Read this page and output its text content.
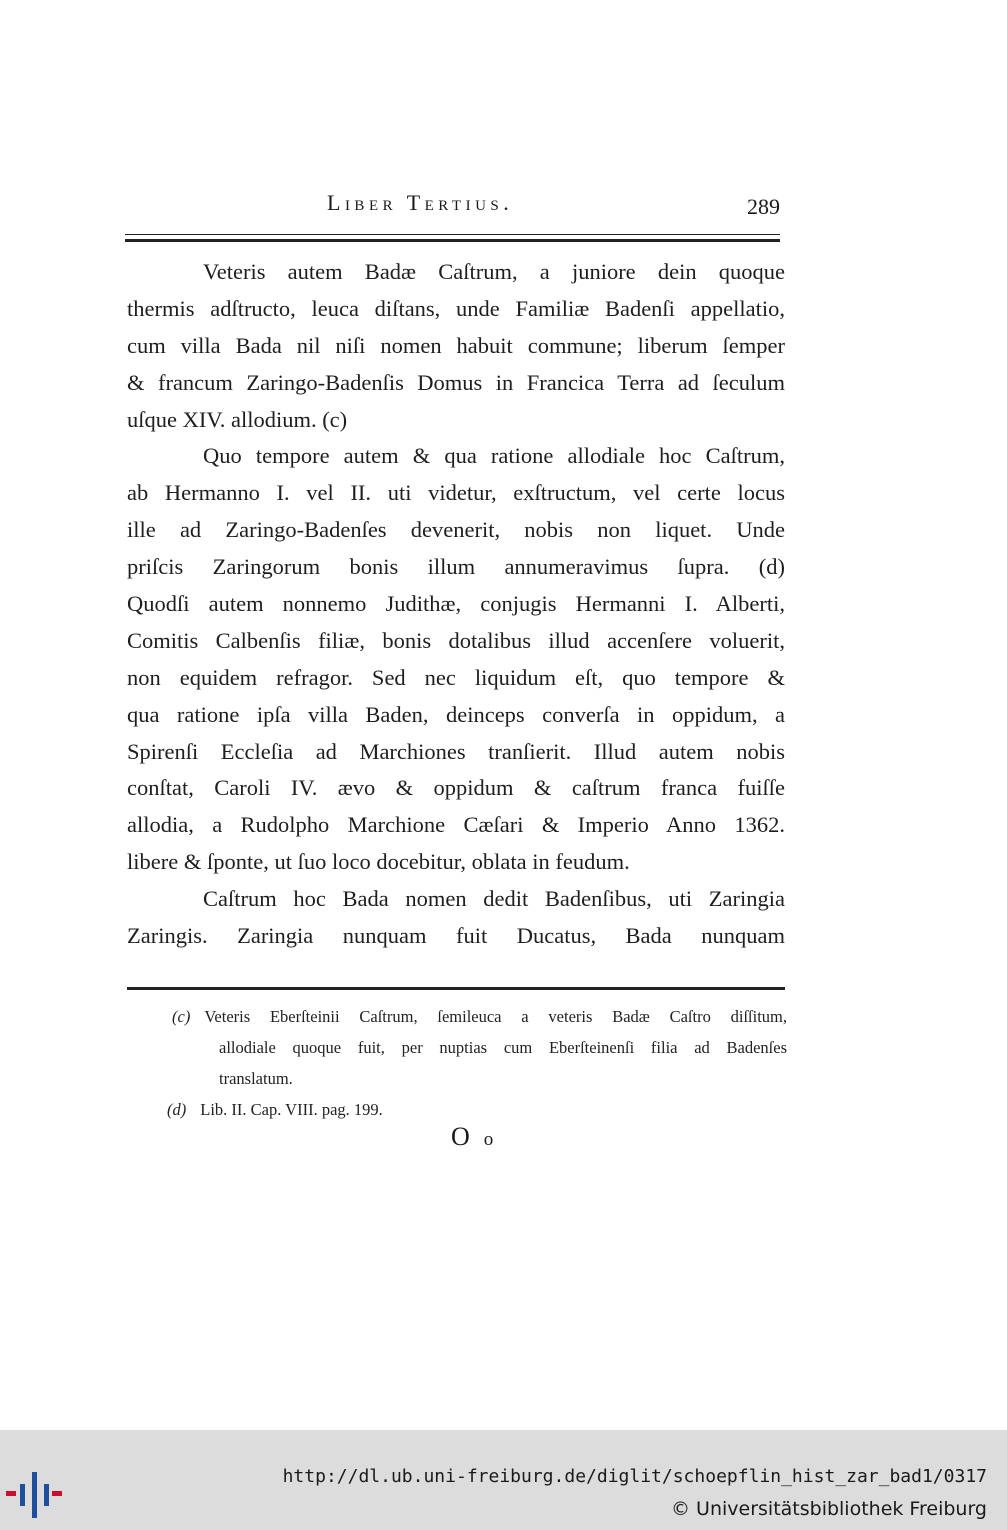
Liber Tertius.	289
Veteris autem Badæ Caſtrum, a juniore dein quoque
thermis adſtructo, leuca diſtans, unde Familiæ Badenſi appellatio,
cum villa Bada nil niſi nomen habuit commune; liberum ſemper
& francum Zaringo-Badenſis Domus in Francica Terra ad ſeculum
uſque XIV. allodium. (c)
Quo tempore autem & qua ratione allodiale hoc Caſtrum,
ab Hermanno I. vel II. uti videtur, exſtructum, vel certe locus
ille ad Zaringo-Badenſes devenerit, nobis non liquet. Unde
priſcis Zaringorum bonis illum annumeravimus ſupra. (d)
Quodſi autem nonnemo Judithæ, conjugis Hermanni I. Alberti,
Comitis Calbenſis filiæ, bonis dotalibus illud accenſere voluerit,
non equidem refragor. Sed nec liquidum eſt, quo tempore &
qua ratione ipſa villa Baden, deinceps converſa in oppidum, a
Spirenſi Eccleſia ad Marchiones tranſierit. Illud autem nobis
conſtat, Caroli IV. ævo & oppidum & caſtrum franca fuiſſe
allodia, a Rudolpho Marchione Cæſari & Imperio Anno 1362.
libere & ſponte, ut ſuo loco docebitur, oblata in feudum.
Caſtrum hoc Bada nomen dedit Badenſibus, uti Zaringia
Zaringis. Zaringia nunquam fuit Ducatus, Bada nunquam
(c) Veteris Eberſteinii Caſtrum, ſemileuca a veteris Badæ Caſtro diſſitum,
allodiale quoque fuit, per nuptias cum Eberſteinenſi filia ad Badenſes
translatum.
(d) Lib. II. Cap. VIII. pag. 199.
Oo
http://dl.ub.uni-freiburg.de/diglit/schoepflin_hist_zar_bad1/0317
© Universitätsbibliothek Freiburg
